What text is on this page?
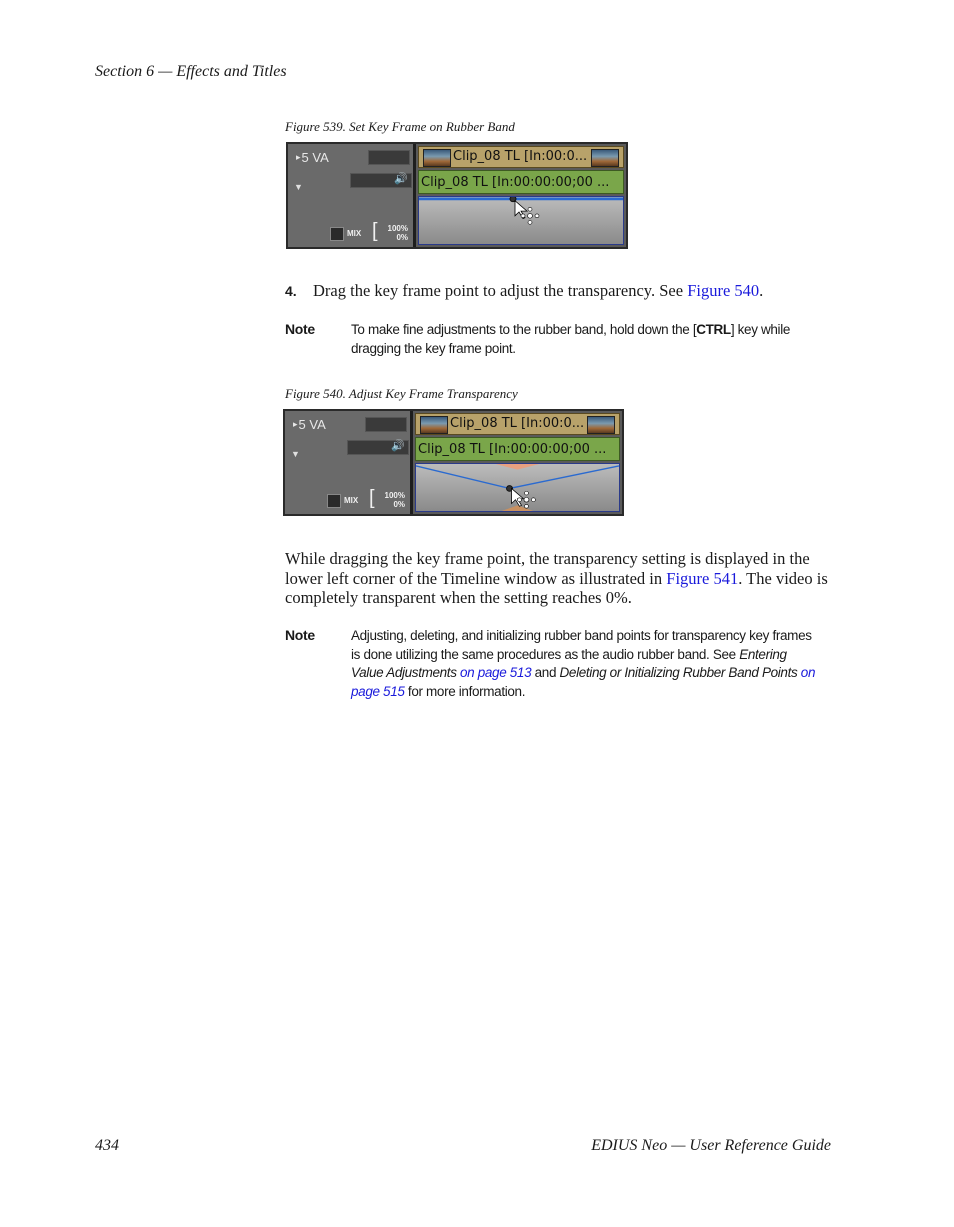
Section 6 — Effects and Titles
Figure 539. Set Key Frame on Rubber Band
▸ 5 VA
🔊
▼
MIX [	100%
0%
Clip_08 TL [In:00:0...
Clip_08 TL [In:00:00:00;00 ...
4. Drag the key frame point to adjust the transparency. See Figure 540.
Note	To make fine adjustments to the rubber band, hold down the [CTRL] key while dragging the key frame point.
Figure 540. Adjust Key Frame Transparency
▸ 5 VA
🔊
▼
MIX [	100%
0%
Clip_08 TL [In:00:0...
Clip_08 TL [In:00:00:00;00 ...
While dragging the key frame point, the transparency setting is displayed in the lower left corner of the Timeline window as illustrated in Figure 541. The video is completely transparent when the setting reaches 0%.
Note	Adjusting, deleting, and initializing rubber band points for transparency key frames is done utilizing the same procedures as the audio rubber band. See Entering Value Adjustments on page 513 and Deleting or Initializing Rubber Band Points on page 515 for more information.
434	EDIUS Neo — User Reference Guide
